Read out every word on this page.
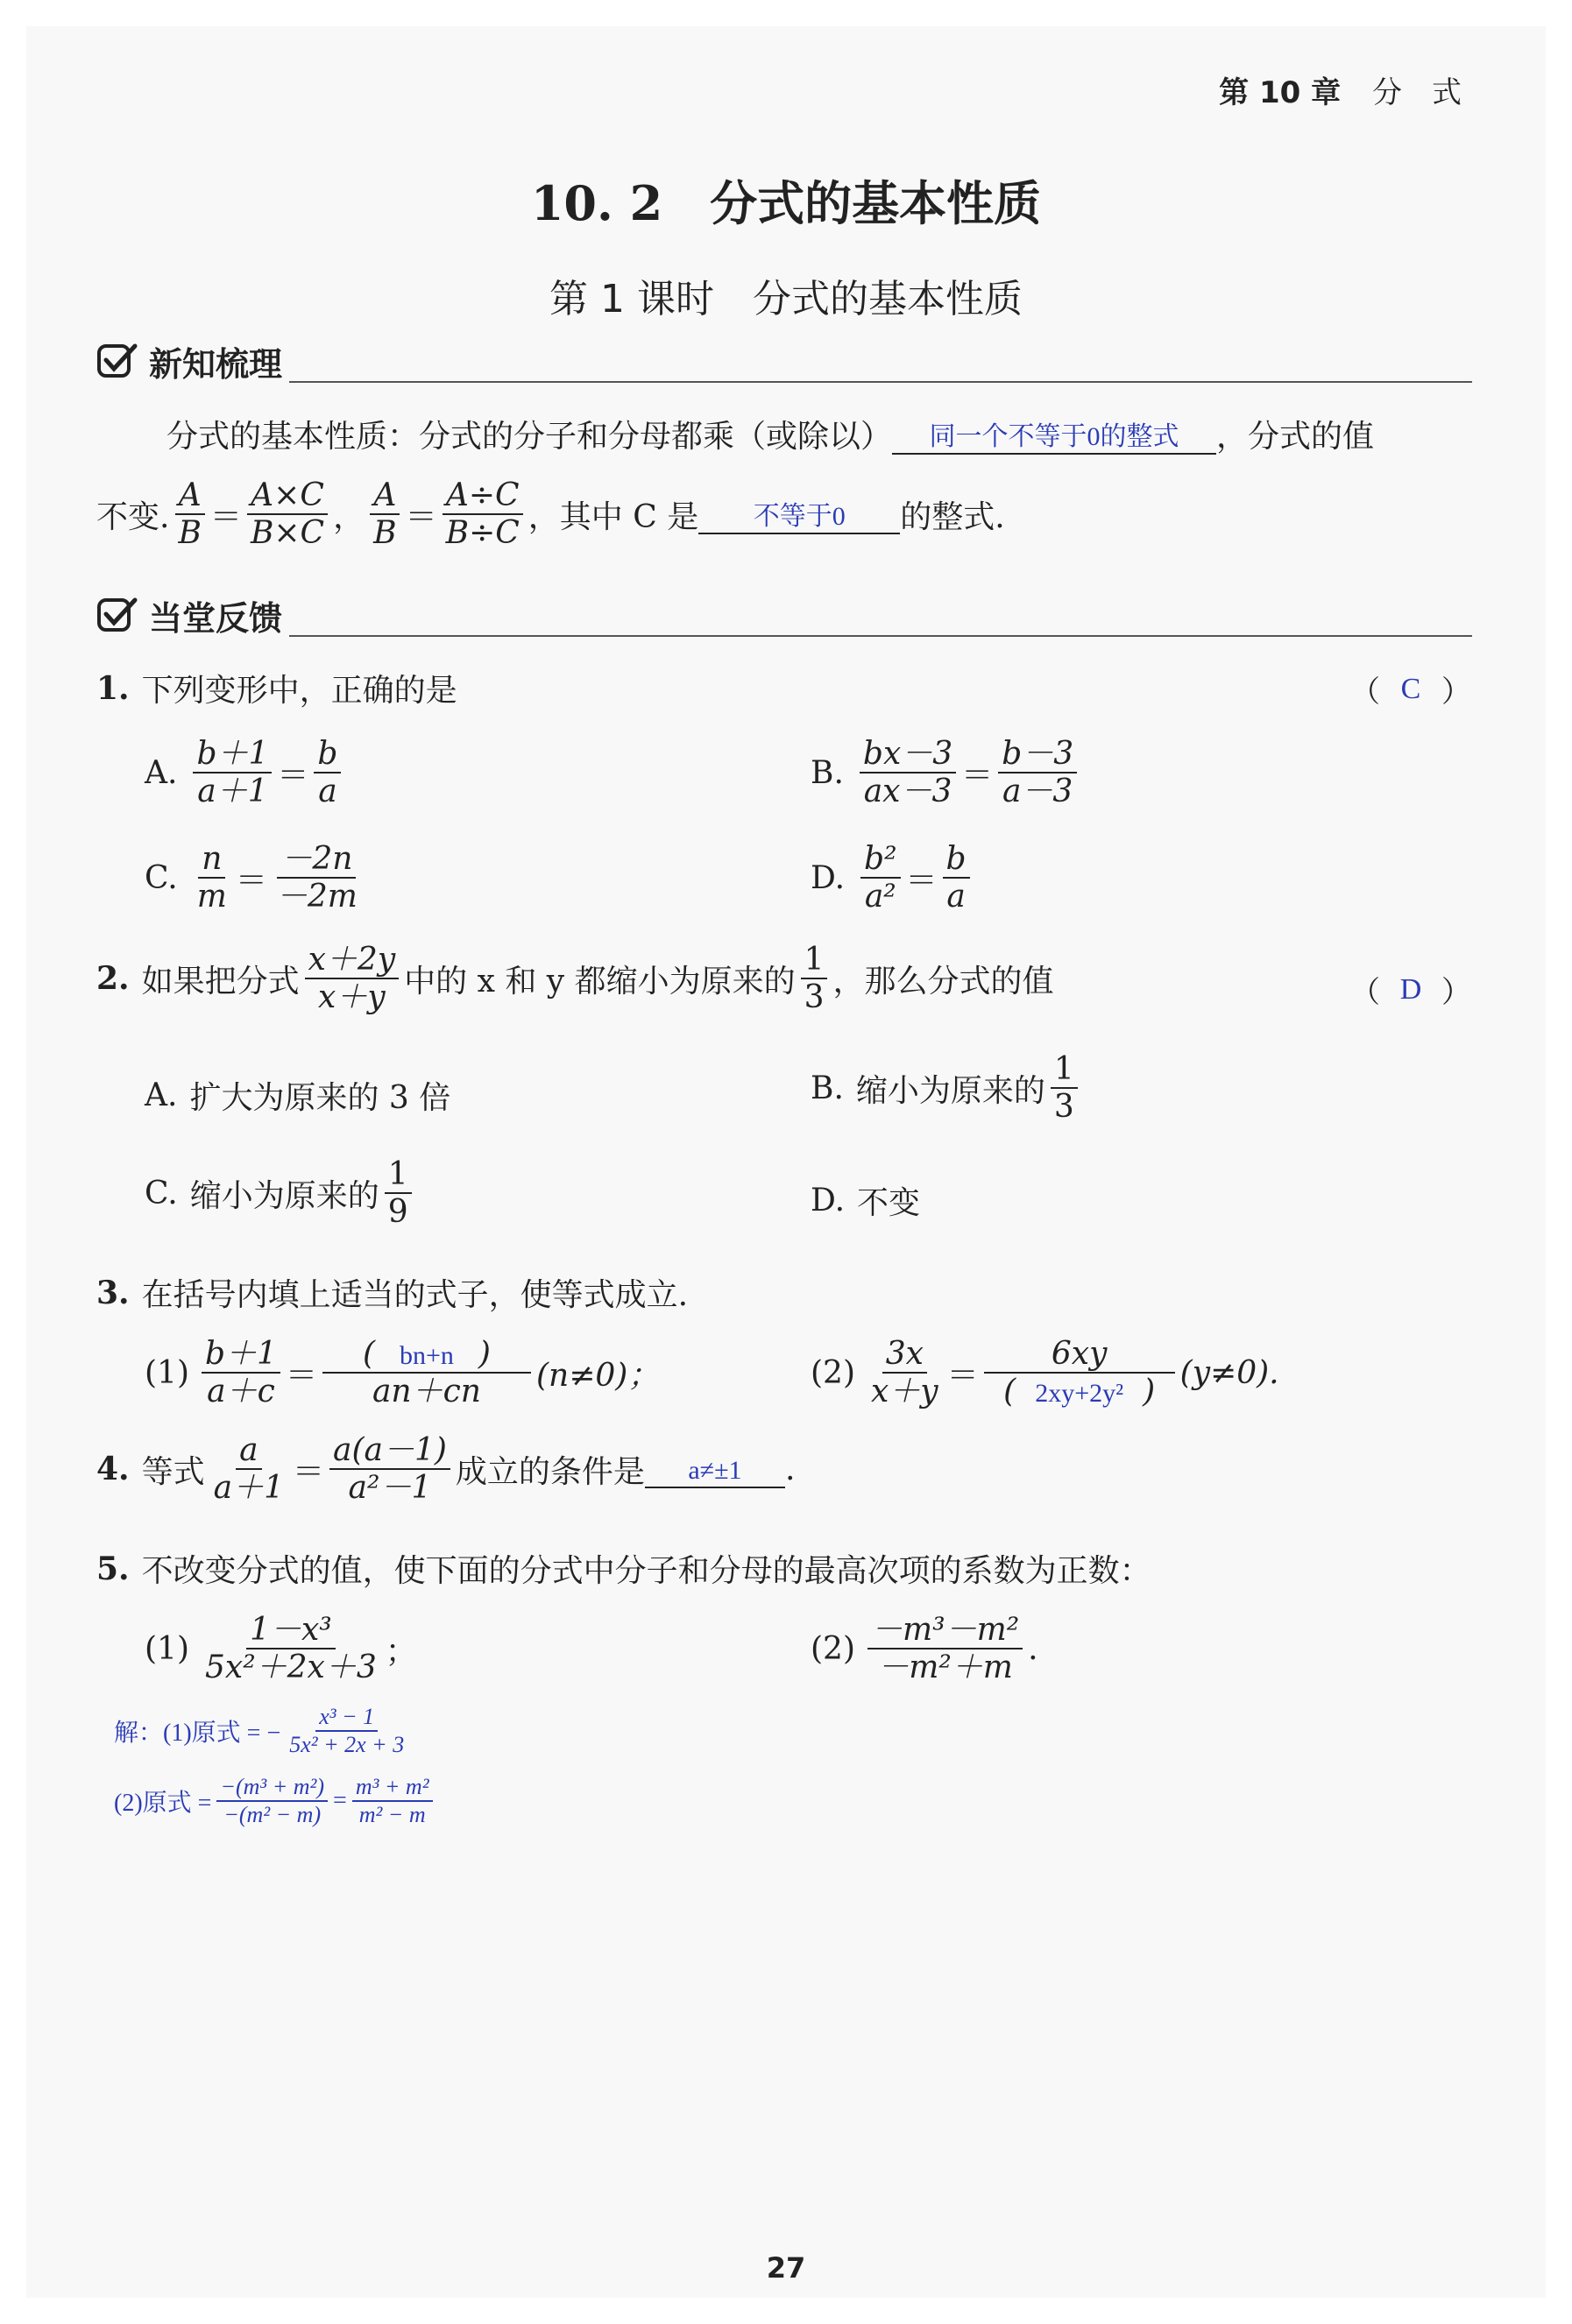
第 10 章 分　式
10. 2　分式的基本性质
第 1 课时　分式的基本性质
新知梳理
分式的基本性质：分式的分子和分母都乘（或除以）	同一个不等于0的整式	，分式的值
不变. $\frac{A}{B} = \frac{A\times C}{B\times C}$ ， $\frac{A}{B} = \frac{A\div C}{B\div C}$ ，其中 C 是	不等于0	的整式.
当堂反馈
1. 下列变形中，正确的是	（ C ）
A. $\frac{b+1}{a+1} = \frac{b}{a}$	B. $\frac{bx-3}{ax-3} = \frac{b-3}{a-3}$
C. $\frac{n}{m} = \frac{-2n}{-2m}$	D. $\frac{\text{b²}}{\text{a²}} = \frac{b}{a}$
2. 如果把分式 $\frac{x+2y}{x+y}$ 中的 x 和 y 都缩小为原来的 $\frac{1}{3}$ ，那么分式的值	（ D ）
A. 扩大为原来的 3 倍	B. 缩小为原来的 $\frac{1}{3}$
C. 缩小为原来的 $\frac{1}{9}$	D. 不变
3. 在括号内填上适当的式子，使等式成立.
$(1) \frac{b+1}{a+c} = \frac{( bn+n )}{an+cn} (n\ne 0)$；	$(2) \frac{3x}{x+y} = \frac{6xy}{\text{( 2xy+2y² )}} (y\ne 0)$.
4. 等式 $\frac{a}{a+1} = \frac{a(a-1)}{\text{a²－1}}$ 成立的条件是	a≠±1	.
5. 不改变分式的值，使下面的分式中分子和分母的最高次项的系数为正数：
$(1) \frac{\text{1－x³}}{\text{5x²＋2x＋3}}$ ；	$(2) \frac{\text{－m³－m²}}{\text{－m²＋m}}$ .
解：(1)原式 = − $\frac{\text{x³ − 1}}{\text{5x² + 2x + 3}}$
(2)原式 = $\frac{\text{−(m³ + m²)}}{\text{−(m² − m)}} = \frac{\text{m³ + m²}}{\text{m² − m}}$
27
